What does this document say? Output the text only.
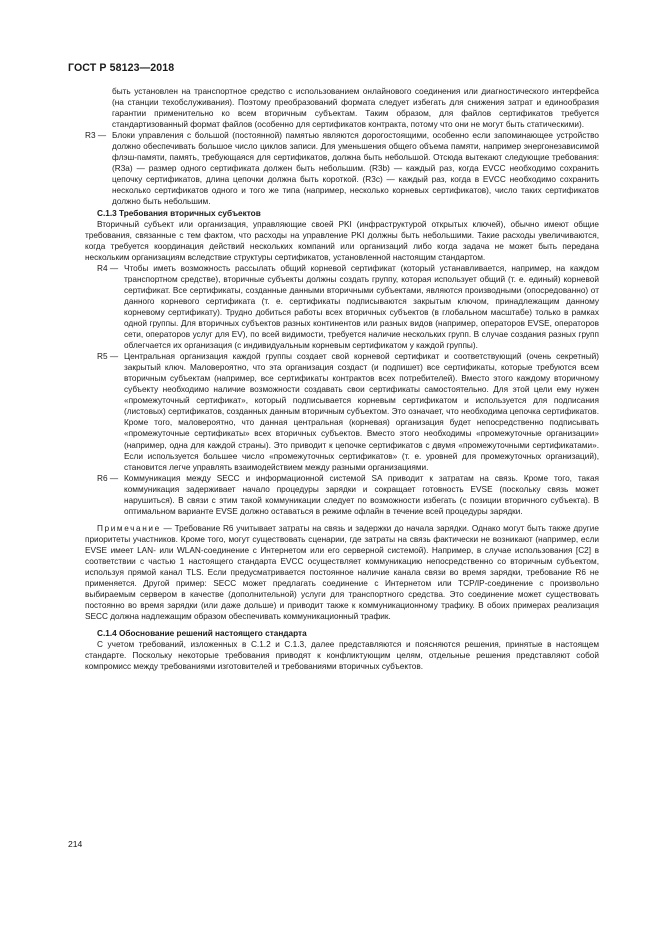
ГОСТ Р 58123—2018

быть установлен на транспортное средство с использованием онлайнового соединения или диагностического интерфейса (на станции техобслуживания). Поэтому преобразований формата следует избегать для снижения затрат и единообразия гарантии применительно ко всем вторичным субъектам. Таким образом, для файлов сертификатов требуется стандартизованный формат файлов (особенно для сертификатов контракта, потому что они не могут быть статическими).

R3 — Блоки управления с большой (постоянной) памятью являются дорогостоящими, особенно если запоминающее устройство должно обеспечивать большое число циклов записи. Для уменьшения общего объема памяти, например энергонезависимой флэш-памяти, память, требующаяся для сертификатов, должна быть небольшой. Отсюда вытекают следующие требования: (R3a) — размер одного сертификата должен быть небольшим. (R3b) — каждый раз, когда EVCC необходимо сохранить цепочку сертификатов, длина цепочки должна быть короткой. (R3c) — каждый раз, когда в EVCC необходимо сохранить несколько сертификатов одного и того же типа (например, несколько корневых сертификатов), число таких сертификатов должно быть небольшим.

С.1.3 Требования вторичных субъектов

Вторичный субъект или организация, управляющие своей PKI (инфраструктурой открытых ключей), обычно имеют общие требования, связанные с тем фактом, что расходы на управление PKI должны быть небольшими. Такие расходы увеличиваются, когда требуется координация действий нескольких компаний или организаций либо когда задача не может быть передана нескольким организациям вследствие структуры сертификатов, установленной настоящим стандартом.

R4 — Чтобы иметь возможность рассылать общий корневой сертификат (который устанавливается, например, на каждом транспортном средстве), вторичные субъекты должны создать группу, которая использует общий (т. е. единый) корневой сертификат. Все сертификаты, созданные данными вторичными субъектами, являются производными (опосредованно) от данного корневого сертификата (т. е. сертификаты подписываются закрытым ключом, принадлежащим данному корневому сертификату). Трудно добиться работы всех вторичных субъектов (в глобальном масштабе) только в рамках одной группы. Для вторичных субъектов разных континентов или разных видов (например, операторов EVSE, операторов сети, операторов услуг для EV), по всей видимости, требуется наличие нескольких групп. В случае создания разных групп облегчается их организация (с индивидуальным корневым сертификатом у каждой группы).

R5 — Центральная организация каждой группы создает свой корневой сертификат и соответствующий (очень секретный) закрытый ключ. Маловероятно, что эта организация создаст (и подпишет) все сертификаты, которые требуются всем вторичным субъектам (например, все сертификаты контрактов всех потребителей). Вместо этого каждому вторичному субъекту необходимо наличие возможности создавать свои сертификаты самостоятельно. Для этой цели ему нужен «промежуточный сертификат», который подписывается корневым сертификатом и используется для подписания (листовых) сертификатов, созданных данным вторичным субъектом. Это означает, что необходима цепочка сертификатов. Кроме того, маловероятно, что данная центральная (корневая) организация будет непосредственно подписывать «промежуточные сертификаты» всех вторичных субъектов. Вместо этого необходимы «промежуточные организации» (например, одна для каждой страны). Это приводит к цепочке сертификатов с двумя «промежуточными сертификатами». Если используется большее число «промежуточных сертификатов» (т. е. уровней для промежуточных организаций), становится легче управлять взаимодействием между разными организациями.

R6 — Коммуникация между SECC и информационной системой SA приводит к затратам на связь. Кроме того, такая коммуникация задерживает начало процедуры зарядки и сокращает готовность EVSE (поскольку связь может нарушиться). В связи с этим такой коммуникации следует по возможности избегать (с позиции вторичного субъекта). В оптимальном варианте EVSE должно оставаться в режиме офлайн в течение всей процедуры зарядки.

Примечание — Требование R6 учитывает затраты на связь и задержки до начала зарядки. Однако могут быть также другие приоритеты участников. Кроме того, могут существовать сценарии, где затраты на связь фактически не возникают (например, если EVSE имеет LAN- или WLAN-соединение с Интернетом или его серверной системой). Например, в случае использования [C2] в соответствии с частью 1 настоящего стандарта EVCC осуществляет коммуникацию непосредственно со вторичным субъектом, используя прямой канал TLS. Если предусматривается постоянное наличие канала связи во время зарядки, требование R6 не применяется. Другой пример: SECC может предлагать соединение с Интернетом или TCP/IP-соединение с произвольно выбираемым сервером в качестве (дополнительной) услуги для транспортного средства. Это соединение может существовать постоянно во время зарядки (или даже дольше) и приводит также к коммуникационному трафику. В обоих примерах реализация SECC должна надлежащим образом обеспечивать коммуникационный трафик.

С.1.4 Обоснование решений настоящего стандарта

С учетом требований, изложенных в С.1.2 и С.1.3, далее представляются и поясняются решения, принятые в настоящем стандарте. Поскольку некоторые требования приводят к конфликтующим целям, отдельные решения представляют собой компромисс между требованиями изготовителей и требованиями вторичных субъектов.

214
